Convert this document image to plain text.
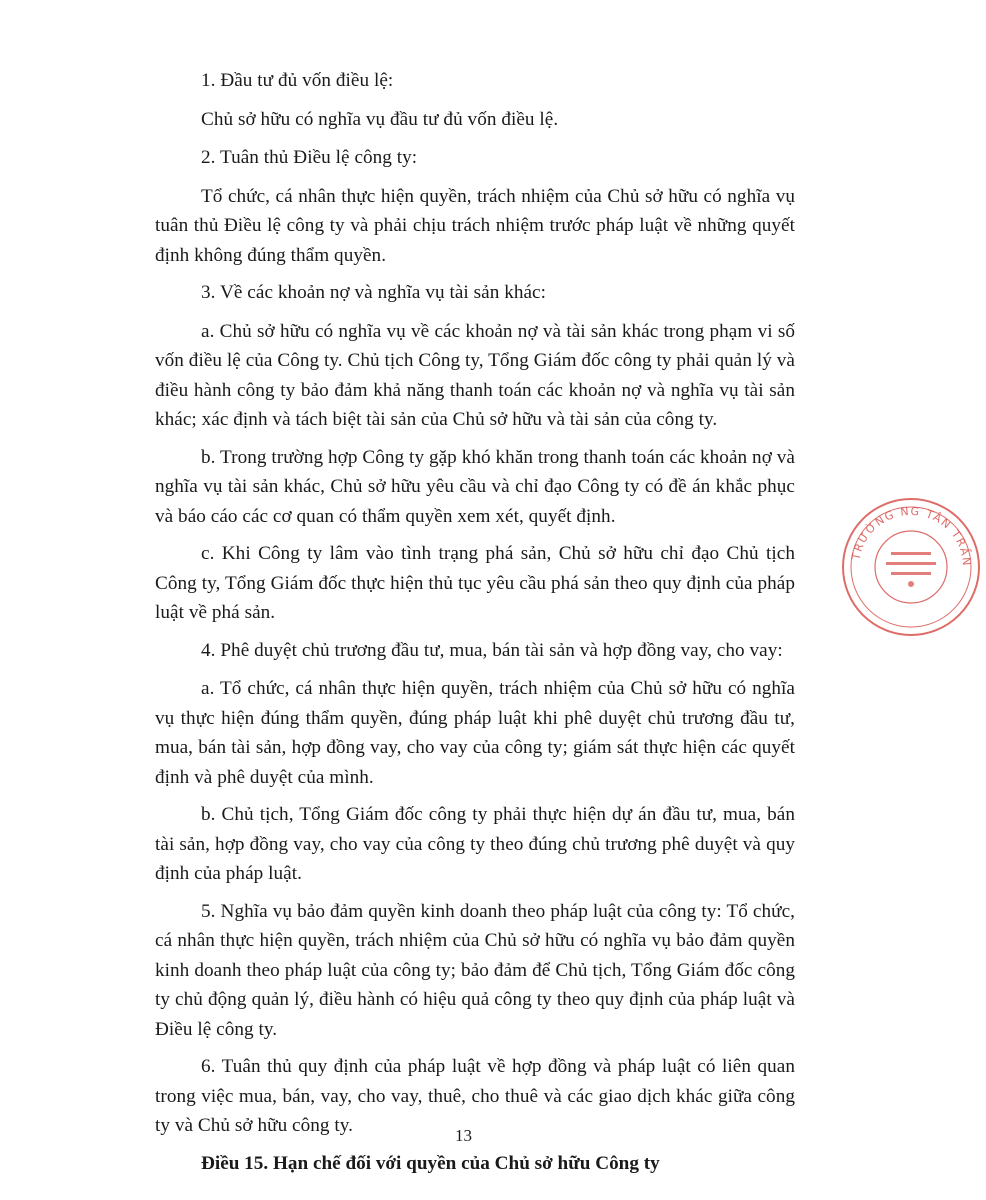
1. Đầu tư đủ vốn điều lệ:

Chủ sở hữu có nghĩa vụ đầu tư đủ vốn điều lệ.

2. Tuân thủ Điều lệ công ty:

Tổ chức, cá nhân thực hiện quyền, trách nhiệm của Chủ sở hữu có nghĩa vụ tuân thủ Điều lệ công ty và phải chịu trách nhiệm trước pháp luật về những quyết định không đúng thẩm quyền.

3. Về các khoản nợ và nghĩa vụ tài sản khác:

a. Chủ sở hữu có nghĩa vụ về các khoản nợ và tài sản khác trong phạm vi số vốn điều lệ của Công ty. Chủ tịch Công ty, Tổng Giám đốc công ty phải quản lý và điều hành công ty bảo đảm khả năng thanh toán các khoản nợ và nghĩa vụ tài sản khác; xác định và tách biệt tài sản của Chủ sở hữu và tài sản của công ty.

b. Trong trường hợp Công ty gặp khó khăn trong thanh toán các khoản nợ và nghĩa vụ tài sản khác, Chủ sở hữu yêu cầu và chỉ đạo Công ty có đề án khắc phục và báo cáo các cơ quan có thẩm quyền xem xét, quyết định.

c. Khi Công ty lâm vào tình trạng phá sản, Chủ sở hữu chỉ đạo Chủ tịch Công ty, Tổng Giám đốc thực hiện thủ tục yêu cầu phá sản theo quy định của pháp luật về phá sản.

4. Phê duyệt chủ trương đầu tư, mua, bán tài sản và hợp đồng vay, cho vay:

a. Tổ chức, cá nhân thực hiện quyền, trách nhiệm của Chủ sở hữu có nghĩa vụ thực hiện đúng thẩm quyền, đúng pháp luật khi phê duyệt chủ trương đầu tư, mua, bán tài sản, hợp đồng vay, cho vay của công ty; giám sát thực hiện các quyết định và phê duyệt của mình.

b. Chủ tịch, Tổng Giám đốc công ty phải thực hiện dự án đầu tư, mua, bán tài sản, hợp đồng vay, cho vay của công ty theo đúng chủ trương phê duyệt và quy định của pháp luật.

5. Nghĩa vụ bảo đảm quyền kinh doanh theo pháp luật của công ty: Tổ chức, cá nhân thực hiện quyền, trách nhiệm của Chủ sở hữu có nghĩa vụ bảo đảm quyền kinh doanh theo pháp luật của công ty; bảo đảm để Chủ tịch, Tổng Giám đốc công ty chủ động quản lý, điều hành có hiệu quả công ty theo quy định của pháp luật và Điều lệ công ty.

6. Tuân thủ quy định của pháp luật về hợp đồng và pháp luật có liên quan trong việc mua, bán, vay, cho vay, thuê, cho thuê và các giao dịch khác giữa công ty và Chủ sở hữu công ty.

Điều 15. Hạn chế đối với quyền của Chủ sở hữu Công ty

13
TRƯỜNG NG TÂN TRẦN
